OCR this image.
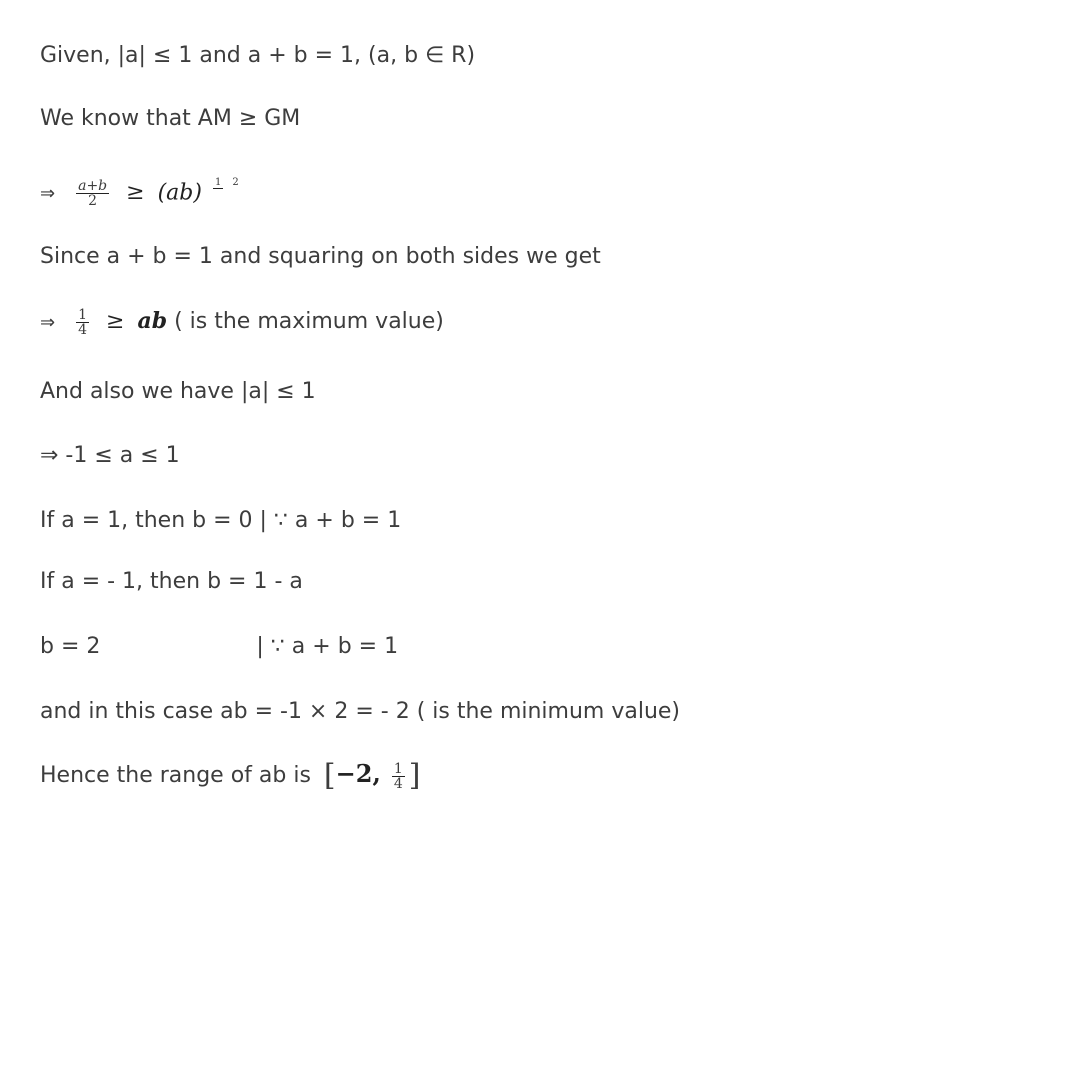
Given, |a| ≤ 1 and a + b = 1, (a, b ∈ R)
We know that AM ≥ GM
⇒ $\frac{a+b}{2} \ge (ab)$ 1 2
Since a + b = 1 and squaring on both sides we get
⇒ $\frac{1}{4}$ ≥ ab ( is the maximum value)
And also we have |a| ≤ 1
⇒ -1 ≤ a ≤ 1
If a = 1, then b = 0 | ∵ a + b = 1
If a = - 1, then b = 1 - a
b = 2	| ∵ a + b = 1
and in this case ab = -1 × 2 = - 2 ( is the minimum value)
Hence the range of ab is [−2, $\frac{1}{4}$ ]
